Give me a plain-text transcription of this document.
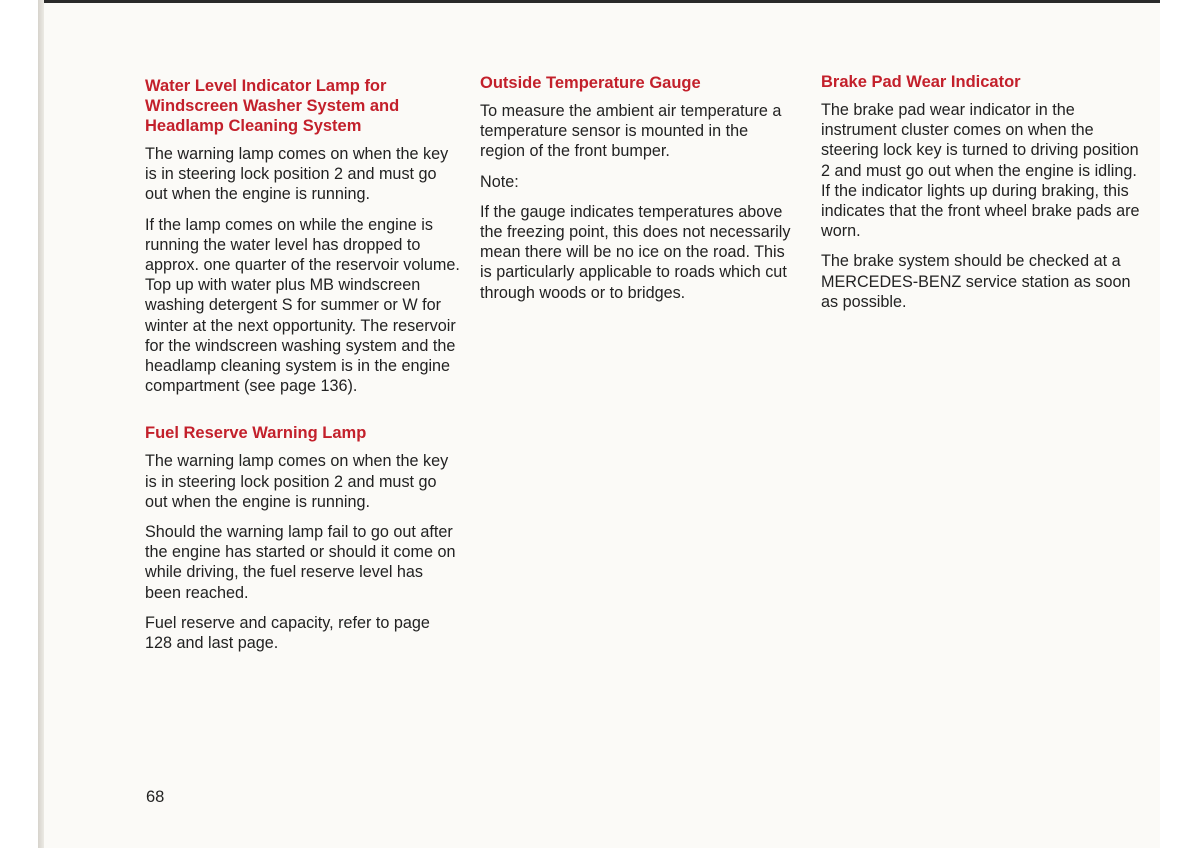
Water Level Indicator Lamp for Windscreen Washer System and Headlamp Cleaning System

The warning lamp comes on when the key is in steering lock position 2 and must go out when the engine is running.

If the lamp comes on while the engine is running the water level has dropped to approx. one quarter of the reservoir volume. Top up with water plus MB windscreen washing detergent S for summer or W for winter at the next opportunity. The reservoir for the windscreen washing system and the headlamp cleaning system is in the engine compartment (see page 136).

Fuel Reserve Warning Lamp

The warning lamp comes on when the key is in steering lock position 2 and must go out when the engine is running.

Should the warning lamp fail to go out after the engine has started or should it come on while driving, the fuel reserve level has been reached.

Fuel reserve and capacity, refer to page 128 and last page.

Outside Temperature Gauge

To measure the ambient air temperature a temperature sensor is mounted in the region of the front bumper.

Note:

If the gauge indicates temperatures above the freezing point, this does not necessarily mean there will be no ice on the road. This is particularly applicable to roads which cut through woods or to bridges.

Brake Pad Wear Indicator

The brake pad wear indicator in the instrument cluster comes on when the steering lock key is turned to driving position 2 and must go out when the engine is idling. If the indicator lights up during braking, this indicates that the front wheel brake pads are worn.

The brake system should be checked at a MERCEDES-BENZ service station as soon as possible.

68
